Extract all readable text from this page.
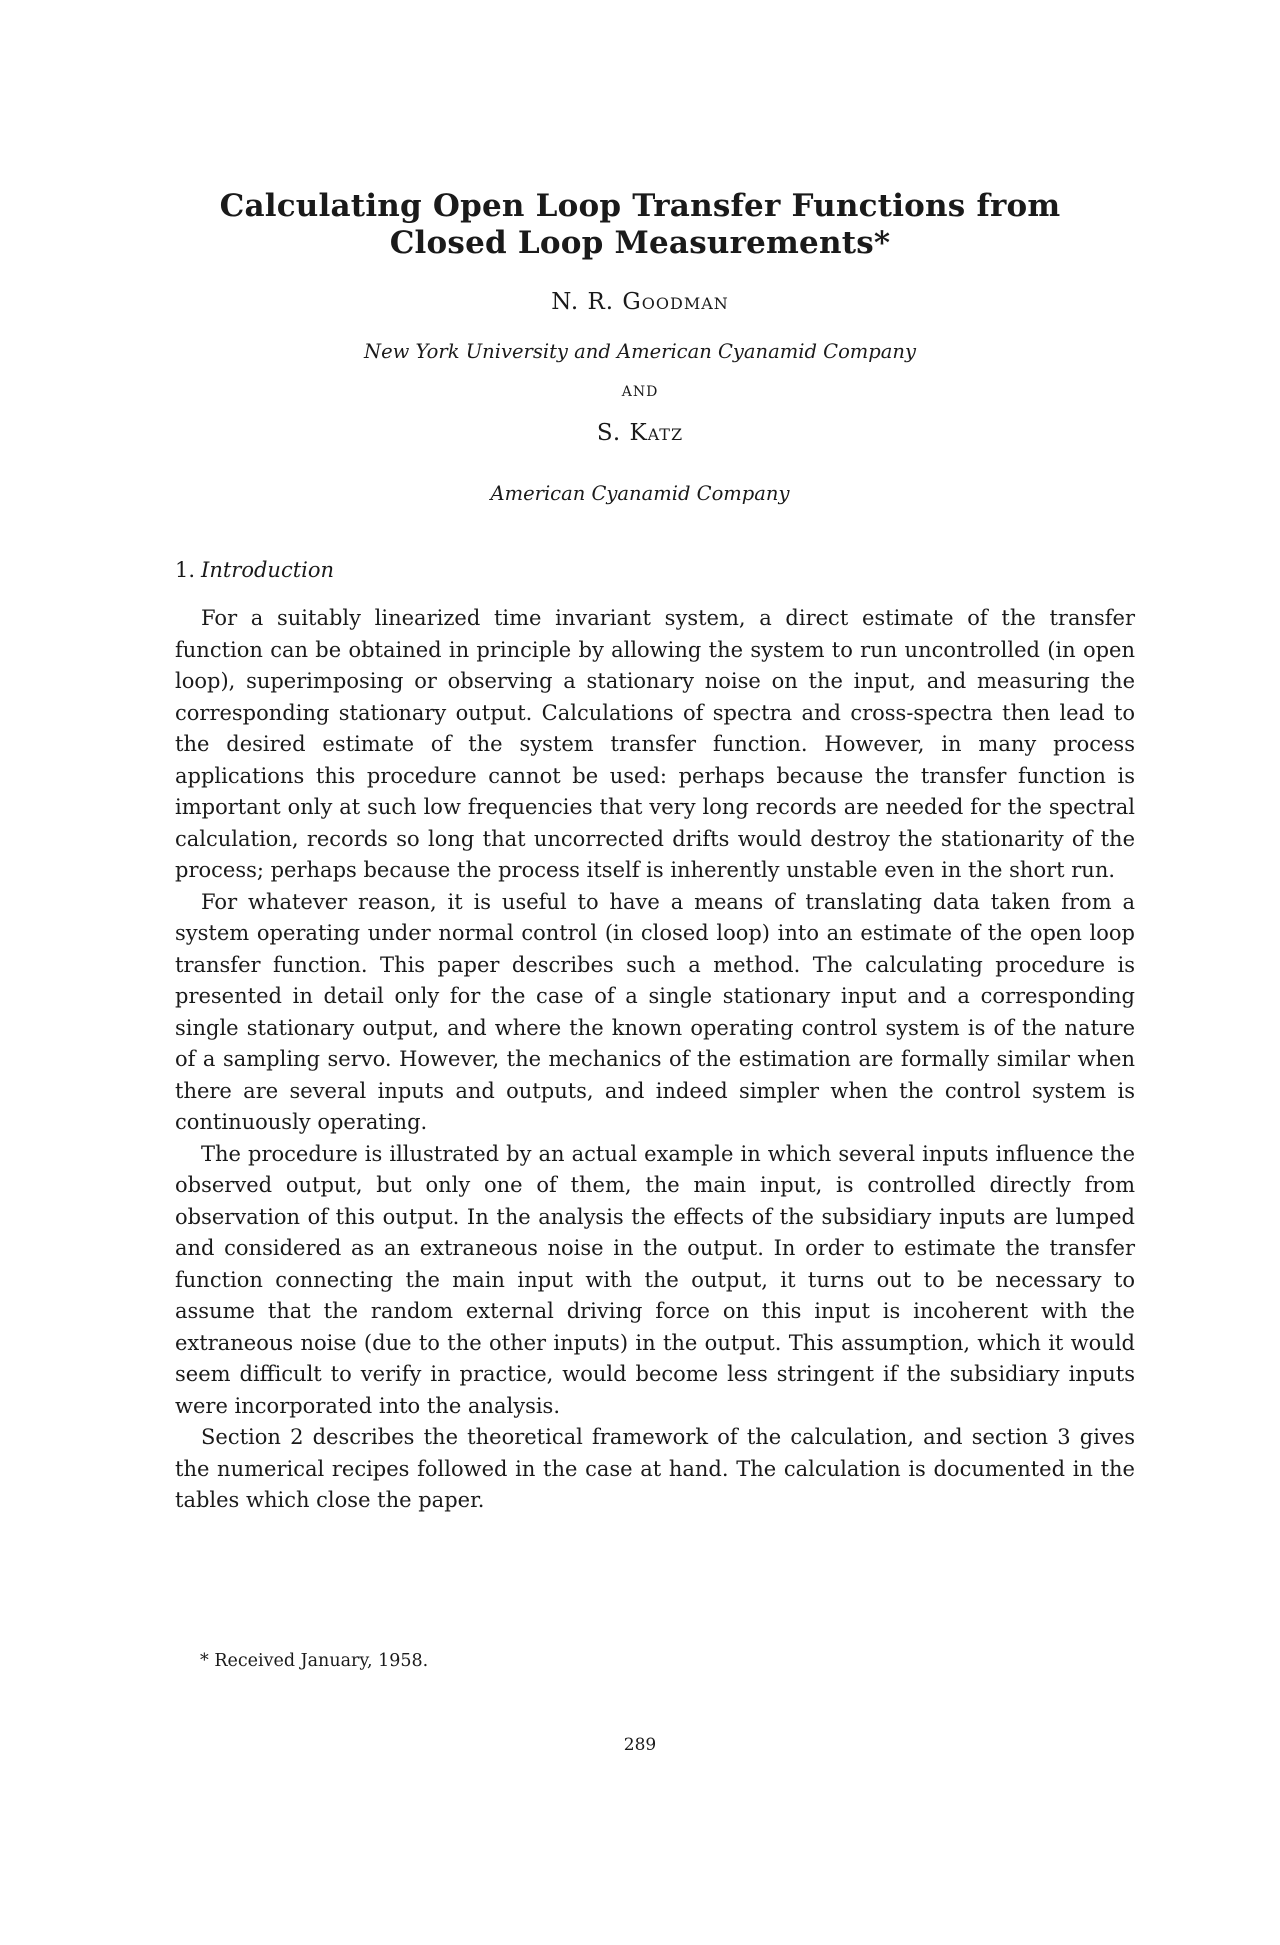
Calculating Open Loop Transfer Functions from
Closed Loop Measurements*
N. R. Goodman
New York University and American Cyanamid Company
AND
S. Katz
American Cyanamid Company
1. Introduction

For a suitably linearized time invariant system, a direct estimate of the transfer function can be obtained in principle by allowing the system to run uncontrolled (in open loop), superimposing or observing a stationary noise on the input, and measuring the corresponding stationary output. Calculations of spectra and cross-spectra then lead to the desired estimate of the system transfer function. However, in many process applications this procedure cannot be used: perhaps because the transfer function is important only at such low frequencies that very long records are needed for the spectral calculation, records so long that uncorrected drifts would destroy the stationarity of the process; perhaps because the process itself is inherently unstable even in the short run.

For whatever reason, it is useful to have a means of translating data taken from a system operating under normal control (in closed loop) into an estimate of the open loop transfer function. This paper describes such a method. The calculating procedure is presented in detail only for the case of a single stationary input and a corresponding single stationary output, and where the known operating control system is of the nature of a sampling servo. However, the mechanics of the estimation are formally similar when there are several inputs and outputs, and indeed simpler when the control system is continuously operating.

The procedure is illustrated by an actual example in which several inputs influence the observed output, but only one of them, the main input, is controlled directly from observation of this output. In the analysis the effects of the subsidiary inputs are lumped and considered as an extraneous noise in the output. In order to estimate the transfer function connecting the main input with the output, it turns out to be necessary to assume that the random external driving force on this input is incoherent with the extraneous noise (due to the other inputs) in the output. This assumption, which it would seem difficult to verify in practice, would become less stringent if the subsidiary inputs were incorporated into the analysis.

Section 2 describes the theoretical framework of the calculation, and section 3 gives the numerical recipes followed in the case at hand. The calculation is documented in the tables which close the paper.

* Received January, 1958.
289
